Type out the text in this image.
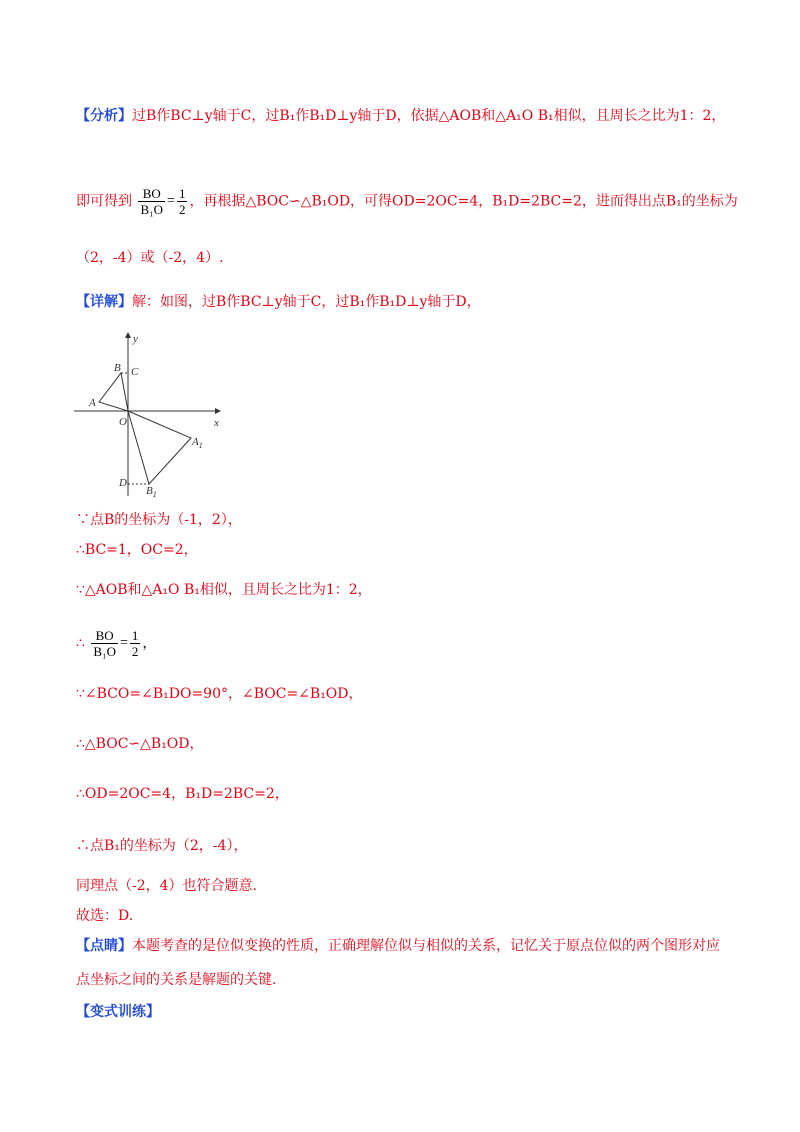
【分析】过B作BC⊥y轴于C，过B₁作B₁D⊥y轴于D，依据△AOB和△A₁O B₁相似，且周长之比为1：2，
即可得到 $\frac{BO}{\text{B₁O}} = \frac{1}{2}$ ，再根据△BOC∽△B₁OD，可得OD=2OC=4，B₁D=2BC=2，进而得出点B₁的坐标为
（2，-4）或（-2，4）.
【详解】解：如图，过B作BC⊥y轴于C，过B₁作B₁D⊥y轴于D，
y
x
O
A
B C
$A_1$
D
$B_1$
∵点B的坐标为（-1，2），
∴BC=1，OC=2，
∵△AOB和△A₁O B₁相似，且周长之比为1：2，
∴ $\frac{BO}{\text{B₁O}} = \frac{1}{2}$ ，
∵∠BCO=∠B₁DO=90°，∠BOC=∠B₁OD，
∴△BOC∽△B₁OD，
∴OD=2OC=4，B₁D=2BC=2，
∴点B₁的坐标为（2，-4），
同理点（-2，4）也符合题意.
故选：D.
【点睛】本题考查的是位似变换的性质，正确理解位似与相似的关系，记忆关于原点位似的两个图形对应
点坐标之间的关系是解题的关键.
【变式训练】
